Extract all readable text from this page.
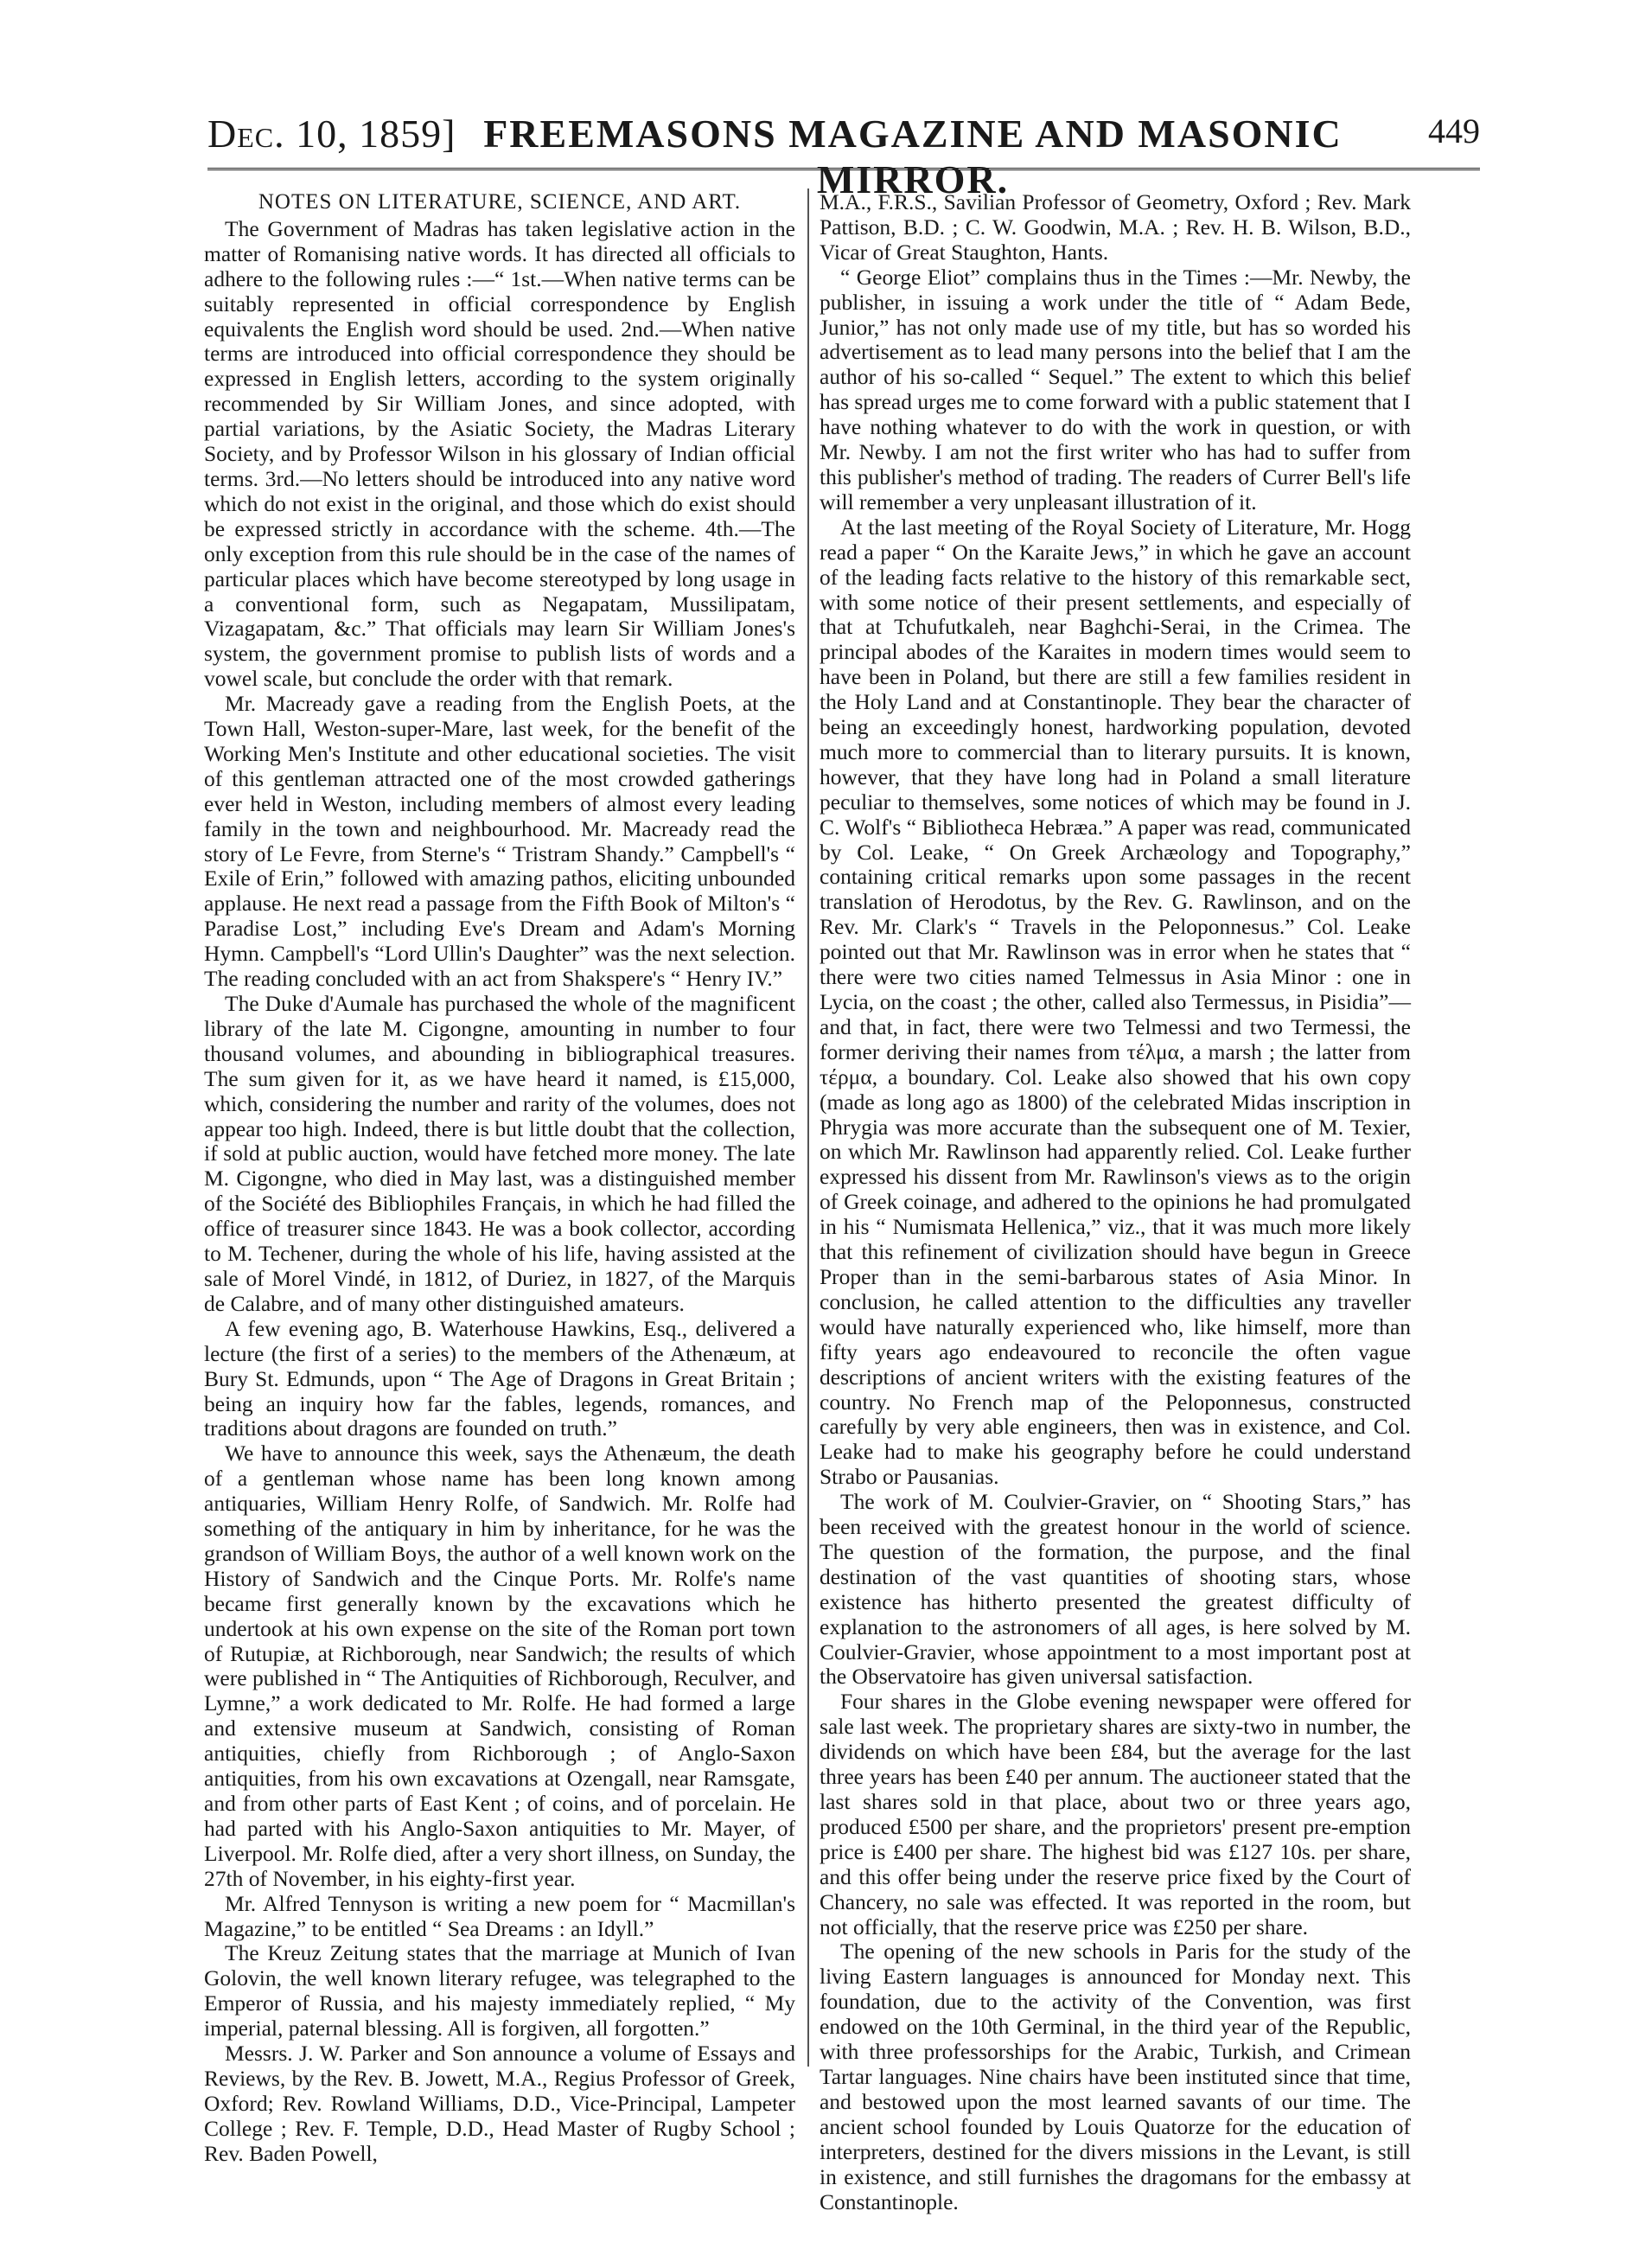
Dec. 10, 1859] FREEMASONS MAGAZINE AND MASONIC MIRROR.
449
NOTES ON LITERATURE, SCIENCE, AND ART.

The Government of Madras has taken legislative action in the matter of Romanising native words. It has directed all officials to adhere to the following rules :—“ 1st.—When native terms can be suitably represented in official correspondence by English equivalents the English word should be used. 2nd.—When native terms are introduced into official correspondence they should be expressed in English letters, according to the system originally recommended by Sir William Jones, and since adopted, with partial variations, by the Asiatic Society, the Madras Literary Society, and by Professor Wilson in his glossary of Indian official terms. 3rd.—No letters should be introduced into any native word which do not exist in the original, and those which do exist should be expressed strictly in accordance with the scheme. 4th.—The only exception from this rule should be in the case of the names of particular places which have become stereotyped by long usage in a conventional form, such as Negapatam, Mussilipatam, Vizagapatam, &c.” That officials may learn Sir William Jones's system, the government promise to publish lists of words and a vowel scale, but conclude the order with that remark.

Mr. Macready gave a reading from the English Poets, at the Town Hall, Weston-super-Mare, last week, for the benefit of the Working Men's Institute and other educational societies. The visit of this gentleman attracted one of the most crowded gatherings ever held in Weston, including members of almost every leading family in the town and neighbourhood. Mr. Macready read the story of Le Fevre, from Sterne's “ Tristram Shandy.” Campbell's “ Exile of Erin,” followed with amazing pathos, eliciting unbounded applause. He next read a passage from the Fifth Book of Milton's “ Paradise Lost,” including Eve's Dream and Adam's Morning Hymn. Campbell's “Lord Ullin's Daughter” was the next selection. The reading concluded with an act from Shakspere's “ Henry IV.”

The Duke d'Aumale has purchased the whole of the magnificent library of the late M. Cigongne, amounting in number to four thousand volumes, and abounding in bibliographical treasures. The sum given for it, as we have heard it named, is £15,000, which, considering the number and rarity of the volumes, does not appear too high. Indeed, there is but little doubt that the collection, if sold at public auction, would have fetched more money. The late M. Cigongne, who died in May last, was a distinguished member of the Société des Bibliophiles Français, in which he had filled the office of treasurer since 1843. He was a book collector, according to M. Techener, during the whole of his life, having assisted at the sale of Morel Vindé, in 1812, of Duriez, in 1827, of the Marquis de Calabre, and of many other distinguished amateurs.

A few evening ago, B. Waterhouse Hawkins, Esq., delivered a lecture (the first of a series) to the members of the Athenæum, at Bury St. Edmunds, upon “ The Age of Dragons in Great Britain ; being an inquiry how far the fables, legends, romances, and traditions about dragons are founded on truth.”

We have to announce this week, says the Athenæum, the death of a gentleman whose name has been long known among antiquaries, William Henry Rolfe, of Sandwich. Mr. Rolfe had something of the antiquary in him by inheritance, for he was the grandson of William Boys, the author of a well known work on the History of Sandwich and the Cinque Ports. Mr. Rolfe's name became first generally known by the excavations which he undertook at his own expense on the site of the Roman port town of Rutupiæ, at Richborough, near Sandwich; the results of which were published in “ The Antiquities of Richborough, Reculver, and Lymne,” a work dedicated to Mr. Rolfe. He had formed a large and extensive museum at Sandwich, consisting of Roman antiquities, chiefly from Richborough ; of Anglo-Saxon antiquities, from his own excavations at Ozengall, near Ramsgate, and from other parts of East Kent ; of coins, and of porcelain. He had parted with his Anglo-Saxon antiquities to Mr. Mayer, of Liverpool. Mr. Rolfe died, after a very short illness, on Sunday, the 27th of November, in his eighty-first year.

Mr. Alfred Tennyson is writing a new poem for “ Macmillan's Magazine,” to be entitled “ Sea Dreams : an Idyll.”

The Kreuz Zeitung states that the marriage at Munich of Ivan Golovin, the well known literary refugee, was telegraphed to the Emperor of Russia, and his majesty immediately replied, “ My imperial, paternal blessing. All is forgiven, all forgotten.”

Messrs. J. W. Parker and Son announce a volume of Essays and Reviews, by the Rev. B. Jowett, M.A., Regius Professor of Greek, Oxford; Rev. Rowland Williams, D.D., Vice-Principal, Lampeter College ; Rev. F. Temple, D.D., Head Master of Rugby School ; Rev. Baden Powell,

M.A., F.R.S., Savilian Professor of Geometry, Oxford ; Rev. Mark Pattison, B.D. ; C. W. Goodwin, M.A. ; Rev. H. B. Wilson, B.D., Vicar of Great Staughton, Hants.

“ George Eliot” complains thus in the Times :—Mr. Newby, the publisher, in issuing a work under the title of “ Adam Bede, Junior,” has not only made use of my title, but has so worded his advertisement as to lead many persons into the belief that I am the author of his so-called “ Sequel.” The extent to which this belief has spread urges me to come forward with a public statement that I have nothing whatever to do with the work in question, or with Mr. Newby. I am not the first writer who has had to suffer from this publisher's method of trading. The readers of Currer Bell's life will remember a very unpleasant illustration of it.

At the last meeting of the Royal Society of Literature, Mr. Hogg read a paper “ On the Karaite Jews,” in which he gave an account of the leading facts relative to the history of this remarkable sect, with some notice of their present settlements, and especially of that at Tchufutkaleh, near Baghchi-Serai, in the Crimea. The principal abodes of the Karaites in modern times would seem to have been in Poland, but there are still a few families resident in the Holy Land and at Constantinople. They bear the character of being an exceedingly honest, hardworking population, devoted much more to commercial than to literary pursuits. It is known, however, that they have long had in Poland a small literature peculiar to themselves, some notices of which may be found in J. C. Wolf's “ Bibliotheca Hebræa.” A paper was read, communicated by Col. Leake, “ On Greek Archæology and Topography,” containing critical remarks upon some passages in the recent translation of Herodotus, by the Rev. G. Rawlinson, and on the Rev. Mr. Clark's “ Travels in the Peloponnesus.” Col. Leake pointed out that Mr. Rawlinson was in error when he states that “ there were two cities named Telmessus in Asia Minor : one in Lycia, on the coast ; the other, called also Termessus, in Pisidia”—and that, in fact, there were two Telmessi and two Termessi, the former deriving their names from τέλμα, a marsh ; the latter from τέρμα, a boundary. Col. Leake also showed that his own copy (made as long ago as 1800) of the celebrated Midas inscription in Phrygia was more accurate than the subsequent one of M. Texier, on which Mr. Rawlinson had apparently relied. Col. Leake further expressed his dissent from Mr. Rawlinson's views as to the origin of Greek coinage, and adhered to the opinions he had promulgated in his “ Numismata Hellenica,” viz., that it was much more likely that this refinement of civilization should have begun in Greece Proper than in the semi-barbarous states of Asia Minor. In conclusion, he called attention to the difficulties any traveller would have naturally experienced who, like himself, more than fifty years ago endeavoured to reconcile the often vague descriptions of ancient writers with the existing features of the country. No French map of the Peloponnesus, constructed carefully by very able engineers, then was in existence, and Col. Leake had to make his geography before he could understand Strabo or Pausanias.

The work of M. Coulvier-Gravier, on “ Shooting Stars,” has been received with the greatest honour in the world of science. The question of the formation, the purpose, and the final destination of the vast quantities of shooting stars, whose existence has hitherto presented the greatest difficulty of explanation to the astronomers of all ages, is here solved by M. Coulvier-Gravier, whose appointment to a most important post at the Observatoire has given universal satisfaction.

Four shares in the Globe evening newspaper were offered for sale last week. The proprietary shares are sixty-two in number, the dividends on which have been £84, but the average for the last three years has been £40 per annum. The auctioneer stated that the last shares sold in that place, about two or three years ago, produced £500 per share, and the proprietors' present pre-emption price is £400 per share. The highest bid was £127 10s. per share, and this offer being under the reserve price fixed by the Court of Chancery, no sale was effected. It was reported in the room, but not officially, that the reserve price was £250 per share.

The opening of the new schools in Paris for the study of the living Eastern languages is announced for Monday next. This foundation, due to the activity of the Convention, was first endowed on the 10th Germinal, in the third year of the Republic, with three professorships for the Arabic, Turkish, and Crimean Tartar languages. Nine chairs have been instituted since that time, and bestowed upon the most learned savants of our time. The ancient school founded by Louis Quatorze for the education of interpreters, destined for the divers missions in the Levant, is still in existence, and still furnishes the dragomans for the embassy at Constantinople.
